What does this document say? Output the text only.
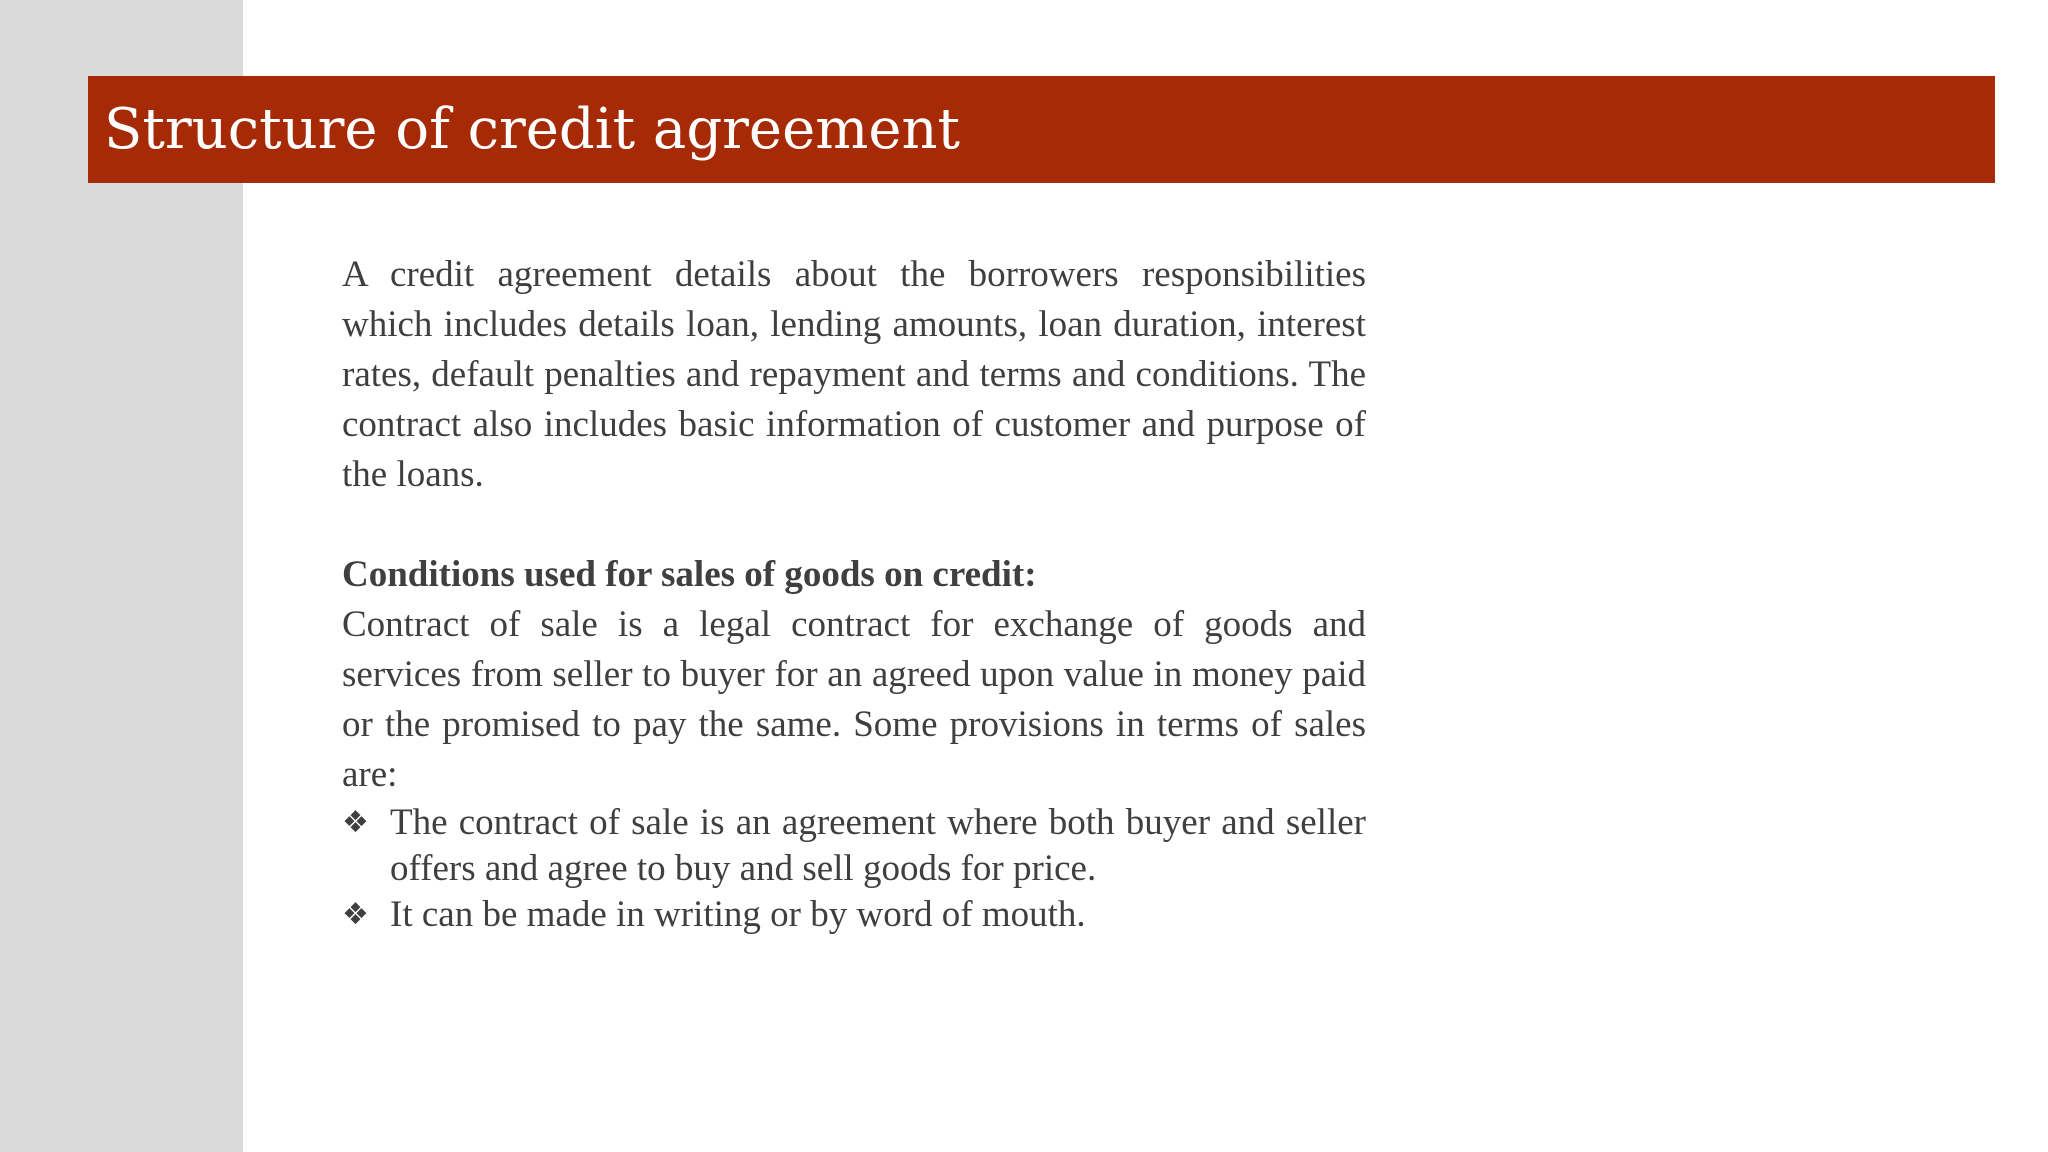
Structure of credit agreement

A credit agreement details about the borrowers responsibilities which includes details loan, lending amounts, loan duration, interest rates, default penalties and repayment and terms and conditions. The contract also includes basic information of customer and purpose of the loans.

Conditions used for sales of goods on credit:

Contract of sale is a legal contract for exchange of goods and services from seller to buyer for an agreed upon value in money paid or the promised to pay the same. Some provisions in terms of sales are:

❖ The contract of sale is an agreement where both buyer and seller offers and agree to buy and sell goods for price.
❖ It can be made in writing or by word of mouth.
